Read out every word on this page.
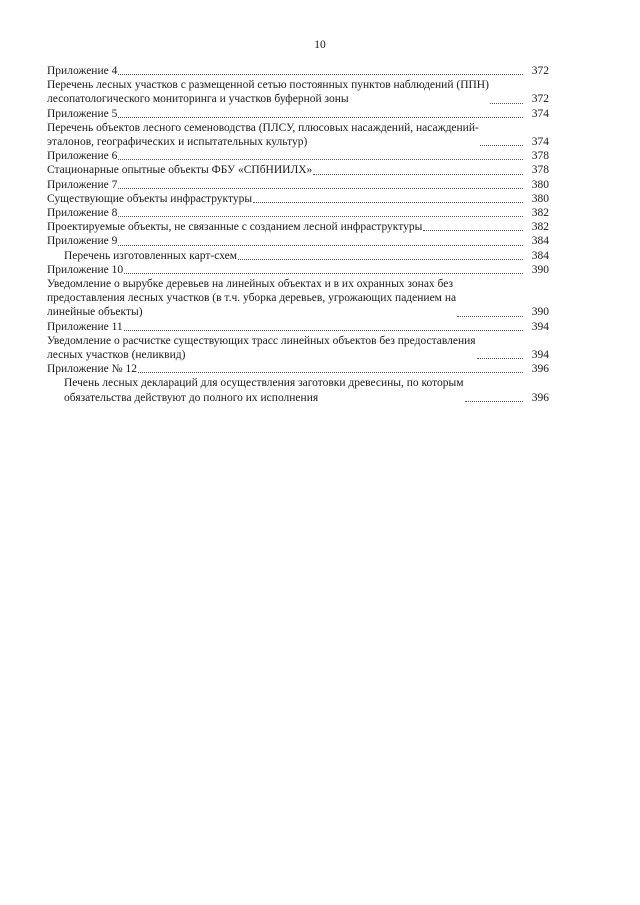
10
Приложение 4	372
Перечень лесных участков с размещенной сетью постоянных пунктов наблюдений (ППН)
лесопатологического мониторинга и участков буферной зоны	372
Приложение 5	374
Перечень объектов лесного семеноводства (ПЛСУ, плюсовых насаждений, насаждений-
эталонов, географических и испытательных культур)	374
Приложение 6	378
Стационарные опытные объекты ФБУ «СПбНИИЛХ»	378
Приложение 7	380
Существующие объекты инфраструктуры	380
Приложение 8	382
Проектируемые объекты, не связанные с созданием лесной инфраструктуры	382
Приложение 9	384
Перечень изготовленных карт-схем	384
Приложение 10	390
Уведомление о вырубке деревьев на линейных объектах и в их охранных зонах без
предоставления лесных участков (в т.ч. уборка деревьев, угрожающих падением на
линейные объекты)	390
Приложение 11	394
Уведомление о расчистке существующих трасс линейных объектов без предоставления
лесных участков (неликвид)	394
Приложение № 12	396
Печень лесных деклараций для осуществления заготовки древесины, по которым
обязательства действуют до полного их исполнения	396
